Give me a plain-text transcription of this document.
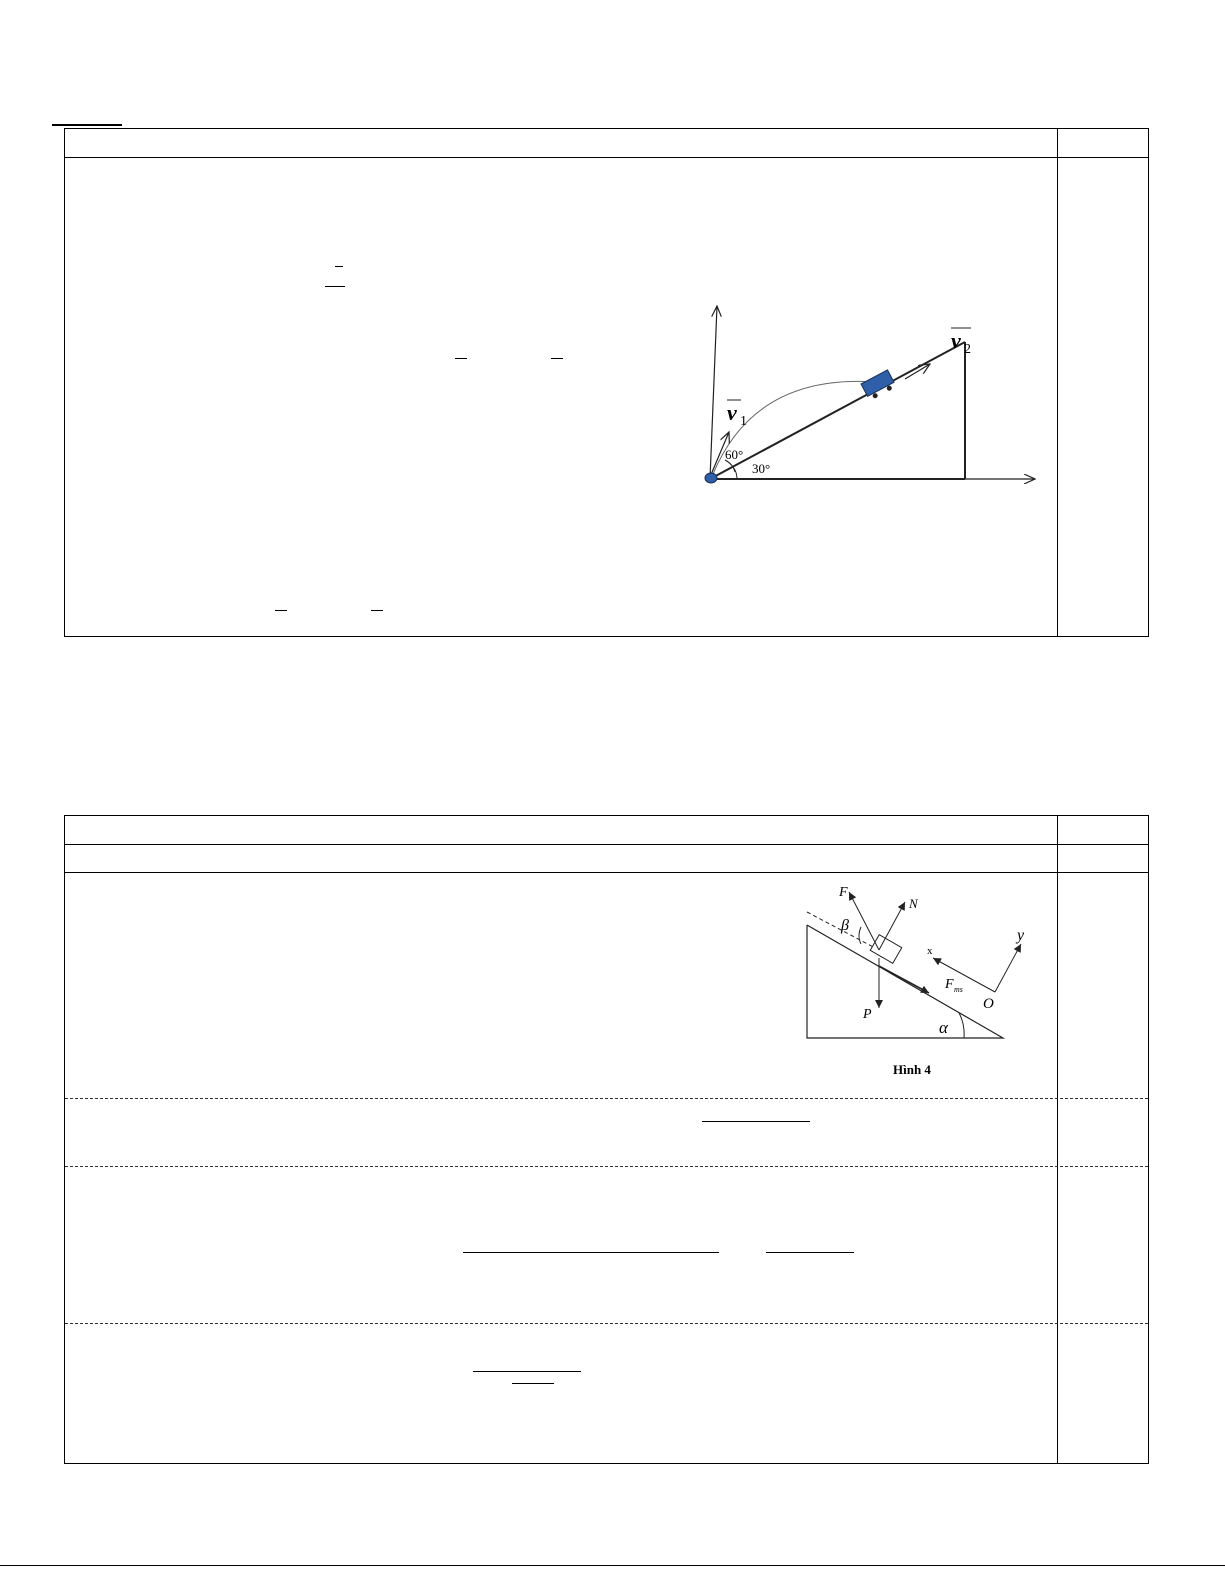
v 1
v 2
60°
30°
F
N
F ms
P
β
α
x
y
O
Hình 4
